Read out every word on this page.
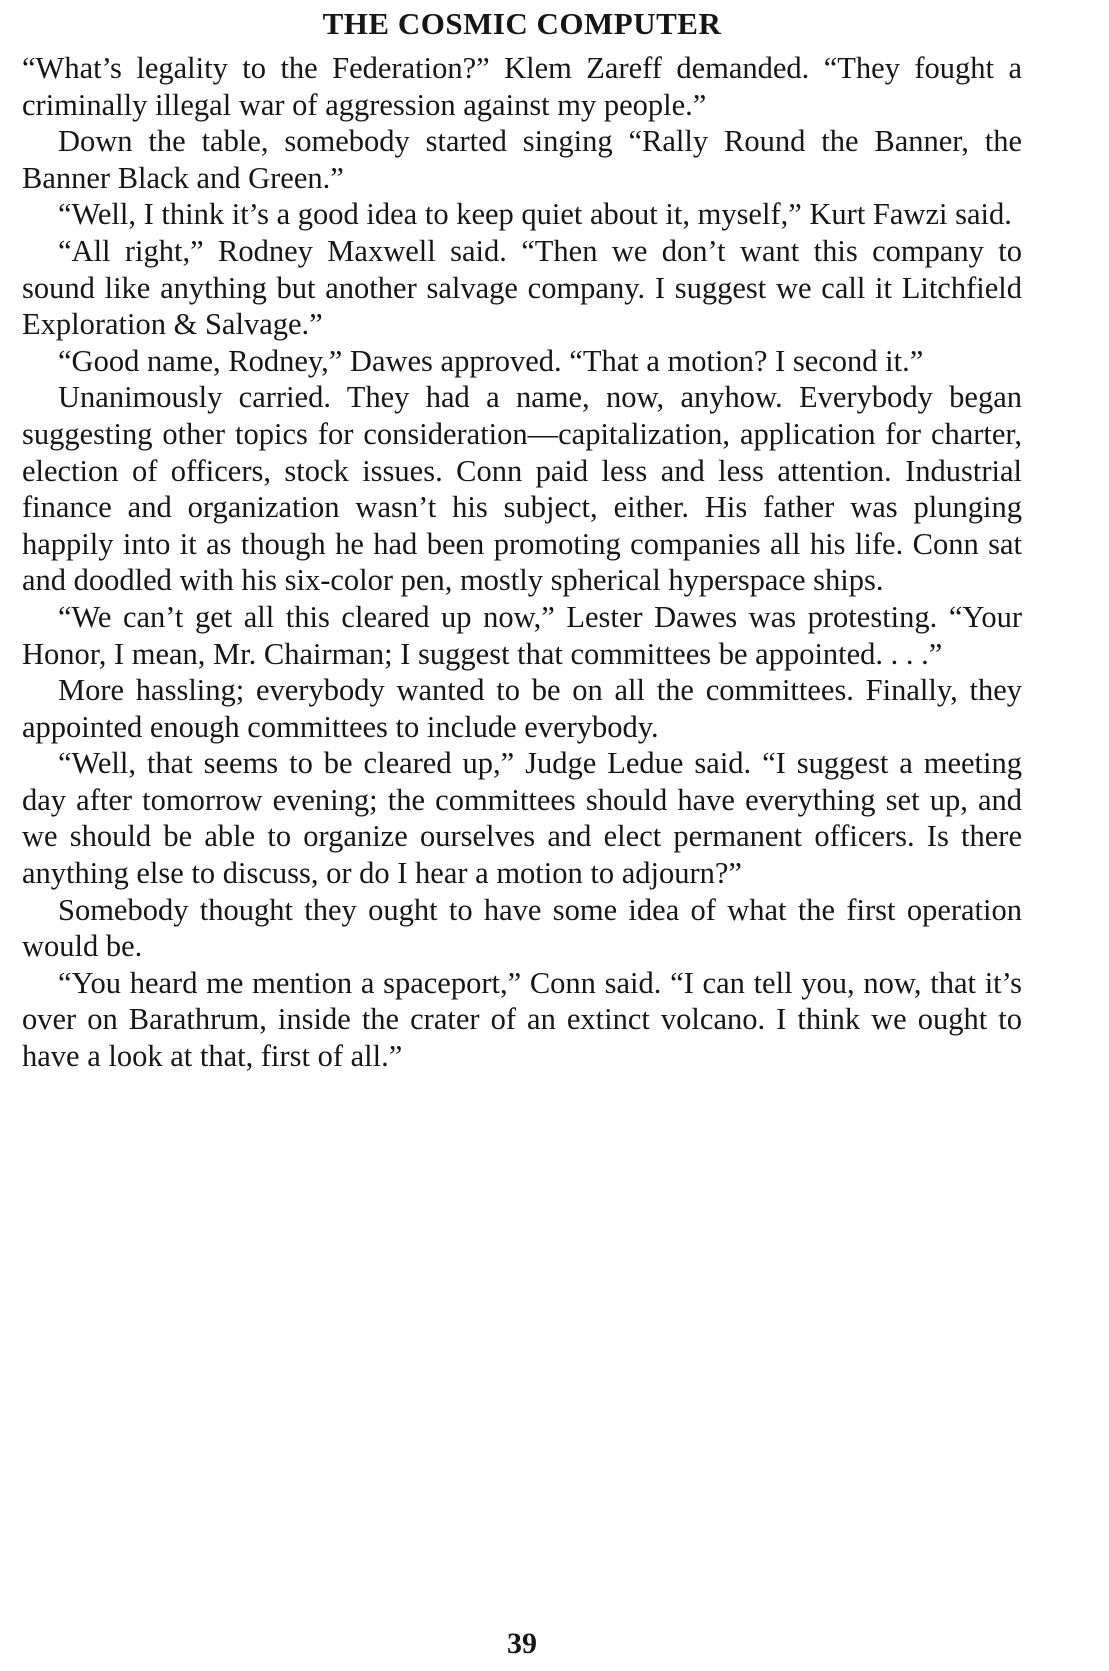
THE COSMIC COMPUTER

“What’s legality to the Federation?” Klem Zareff demanded. “They fought a criminally illegal war of aggression against my people.”

Down the table, somebody started singing “Rally Round the Banner, the Banner Black and Green.”

“Well, I think it’s a good idea to keep quiet about it, myself,” Kurt Fawzi said.

“All right,” Rodney Maxwell said. “Then we don’t want this company to sound like anything but another salvage company. I suggest we call it Litchfield Exploration & Salvage.”

“Good name, Rodney,” Dawes approved. “That a motion? I second it.”

Unanimously carried. They had a name, now, anyhow. Everybody began suggesting other topics for consideration—capitalization, application for charter, election of officers, stock issues. Conn paid less and less attention. Industrial finance and organization wasn’t his subject, either. His father was plunging happily into it as though he had been promoting companies all his life. Conn sat and doodled with his six-color pen, mostly spherical hyperspace ships.

“We can’t get all this cleared up now,” Lester Dawes was protesting. “Your Honor, I mean, Mr. Chairman; I suggest that committees be appointed. . . .”

More hassling; everybody wanted to be on all the committees. Finally, they appointed enough committees to include everybody.

“Well, that seems to be cleared up,” Judge Ledue said. “I suggest a meeting day after tomorrow evening; the committees should have everything set up, and we should be able to organize ourselves and elect permanent officers. Is there anything else to discuss, or do I hear a motion to adjourn?”

Somebody thought they ought to have some idea of what the first operation would be.

“You heard me mention a spaceport,” Conn said. “I can tell you, now, that it’s over on Barathrum, inside the crater of an extinct volcano. I think we ought to have a look at that, first of all.”

39
